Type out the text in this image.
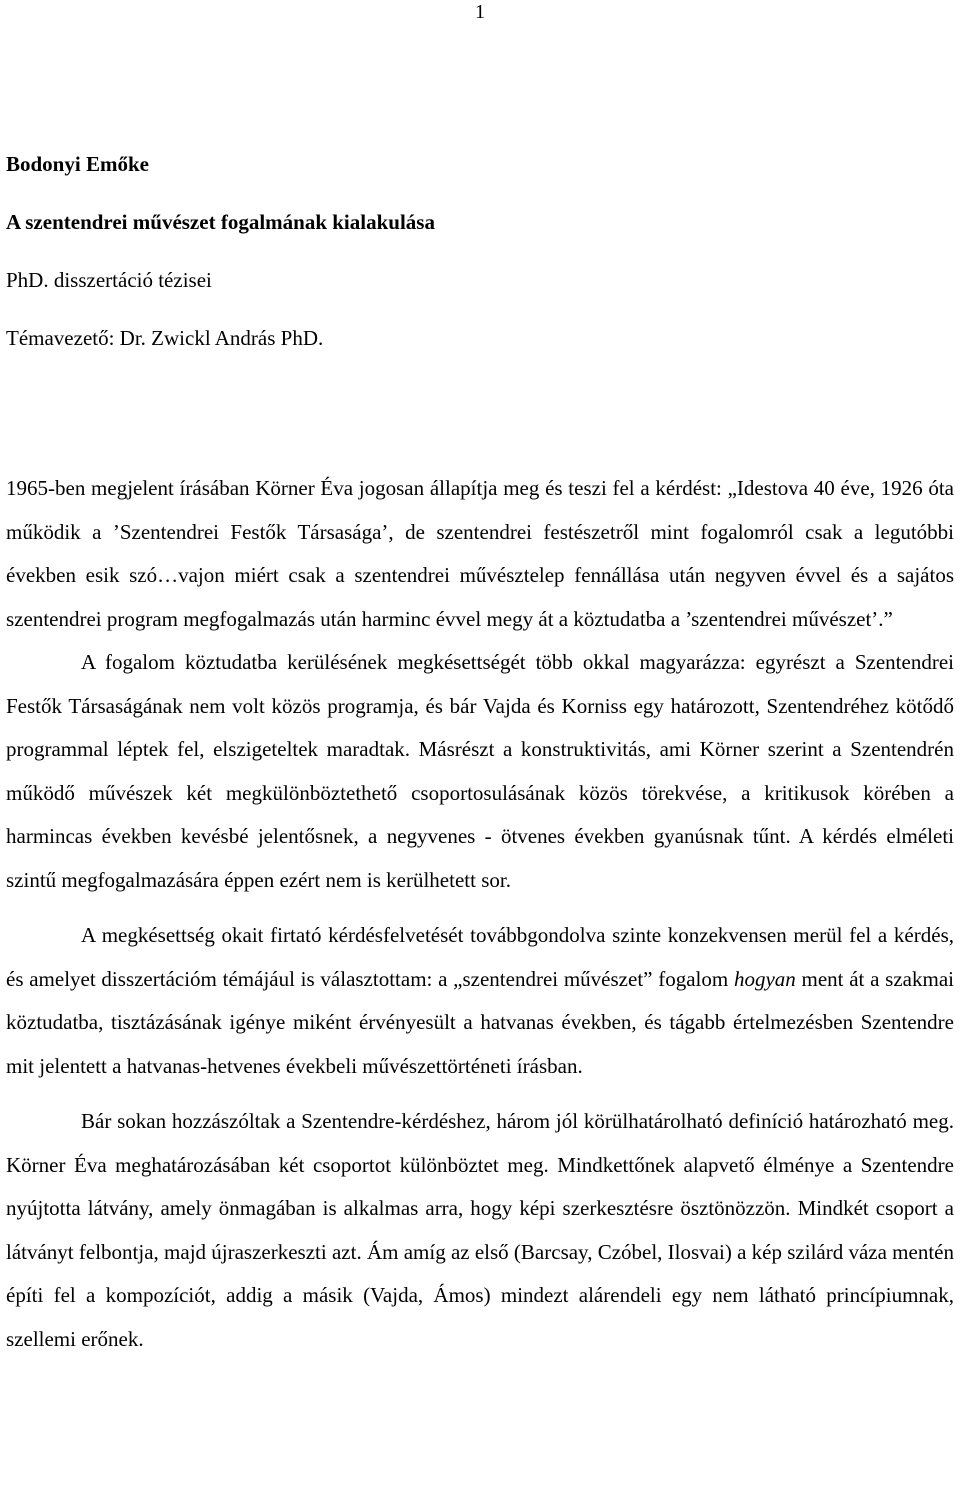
1
Bodonyi Emőke
A szentendrei művészet fogalmának kialakulása
PhD. disszertáció tézisei
Témavezető: Dr. Zwickl András PhD.

1965-ben megjelent írásában Körner Éva jogosan állapítja meg és teszi fel a kérdést: „Idestova 40 éve, 1926 óta működik a ’Szentendrei Festők Társasága’, de szentendrei festészetről mint fogalomról csak a legutóbbi években esik szó…vajon miért csak a szentendrei művésztelep fennállása után negyven évvel és a sajátos szentendrei program megfogalmazás után harminc évvel megy át a köztudatba a ’szentendrei művészet’.”

A fogalom köztudatba kerülésének megkésettségét több okkal magyarázza: egyrészt a Szentendrei Festők Társaságának nem volt közös programja, és bár Vajda és Korniss egy határozott, Szentendréhez kötődő programmal léptek fel, elszigeteltek maradtak. Másrészt a konstruktivitás, ami Körner szerint a Szentendrén működő művészek két megkülönböztethető csoportosulásának közös törekvése, a kritikusok körében a harmincas években kevésbé jelentősnek, a negyvenes - ötvenes években gyanúsnak tűnt. A kérdés elméleti szintű megfogalmazására éppen ezért nem is kerülhetett sor.

A megkésettség okait firtató kérdésfelvetését továbbgondolva szinte konzekvensen merül fel a kérdés, és amelyet disszertációm témájául is választottam: a „szentendrei művészet” fogalom hogyan ment át a szakmai köztudatba, tisztázásának igénye miként érvényesült a hatvanas években, és tágabb értelmezésben Szentendre mit jelentett a hatvanas-hetvenes évekbeli művészettörténeti írásban.

Bár sokan hozzászóltak a Szentendre-kérdéshez, három jól körülhatárolható definíció határozható meg. Körner Éva meghatározásában két csoportot különböztet meg. Mindkettőnek alapvető élménye a Szentendre nyújtotta látvány, amely önmagában is alkalmas arra, hogy képi szerkesztésre ösztönözzön. Mindkét csoport a látványt felbontja, majd újraszerkeszti azt. Ám amíg az első (Barcsay, Czóbel, Ilosvai) a kép szilárd váza mentén építi fel a kompozíciót, addig a másik (Vajda, Ámos) mindezt alárendeli egy nem látható princípiumnak, szellemi erőnek.
